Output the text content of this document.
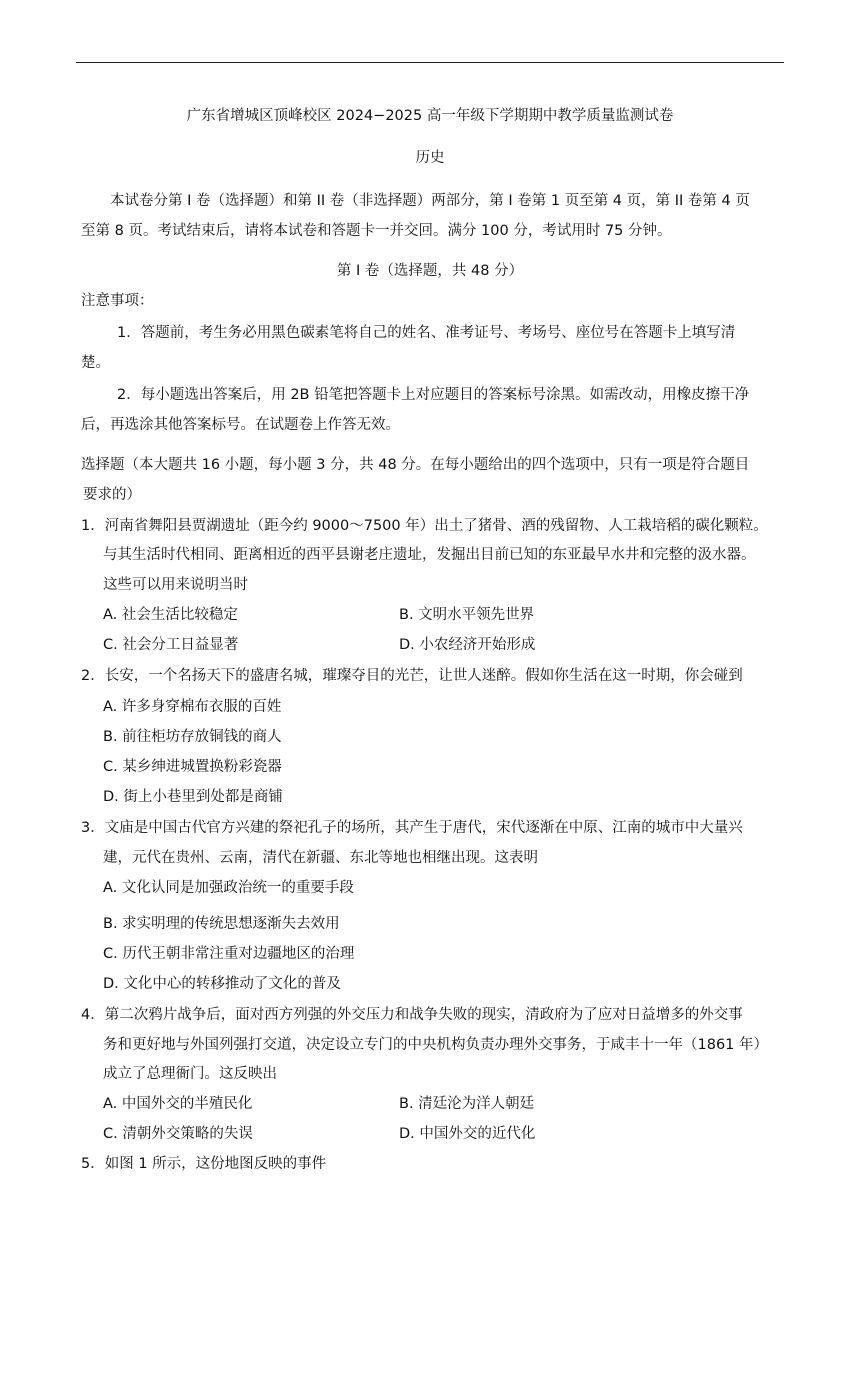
广东省增城区顶峰校区 2024−2025 高一年级下学期期中教学质量监测试卷
历史
本试卷分第 I 卷（选择题）和第 II 卷（非选择题）两部分，第 I 卷第 1 页至第 4 页，第 II 卷第 4 页
至第 8 页。考试结束后，请将本试卷和答题卡一并交回。满分 100 分，考试用时 75 分钟。
第 I 卷（选择题，共 48 分）
注意事项：
1．答题前，考生务必用黑色碳素笔将自己的姓名、准考证号、考场号、座位号在答题卡上填写清
楚。
2．每小题选出答案后，用 2B 铅笔把答题卡上对应题目的答案标号涂黑。如需改动，用橡皮擦干净
后，再选涂其他答案标号。在试题卷上作答无效。
选择题（本大题共 16 小题，每小题 3 分，共 48 分。在每小题给出的四个选项中，只有一项是符合题目
要求的）
1．河南省舞阳县贾湖遗址（距今约 9000～7500 年）出土了猪骨、酒的残留物、人工栽培稻的碳化颗粒。
与其生活时代相同、距离相近的西平县谢老庄遗址，发掘出目前已知的东亚最早水井和完整的汲水器。
这些可以用来说明当时
A. 社会生活比较稳定	B. 文明水平领先世界
C. 社会分工日益显著	D. 小农经济开始形成
2．长安，一个名扬天下的盛唐名城，璀璨夺目的光芒，让世人迷醉。假如你生活在这一时期，你会碰到
A. 许多身穿棉布衣服的百姓
B. 前往柜坊存放铜钱的商人
C. 某乡绅进城置换粉彩瓷器
D. 街上小巷里到处都是商铺
3．文庙是中国古代官方兴建的祭祀孔子的场所，其产生于唐代，宋代逐渐在中原、江南的城市中大量兴
建，元代在贵州、云南，清代在新疆、东北等地也相继出现。这表明
A. 文化认同是加强政治统一的重要手段
B. 求实明理的传统思想逐渐失去效用
C. 历代王朝非常注重对边疆地区的治理
D. 文化中心的转移推动了文化的普及
4．第二次鸦片战争后，面对西方列强的外交压力和战争失败的现实，清政府为了应对日益增多的外交事
务和更好地与外国列强打交道，决定设立专门的中央机构负责办理外交事务，于咸丰十一年（1861 年）
成立了总理衙门。这反映出
A. 中国外交的半殖民化	B. 清廷沦为洋人朝廷
C. 清朝外交策略的失误	D. 中国外交的近代化
5．如图 1 所示，这份地图反映的事件
